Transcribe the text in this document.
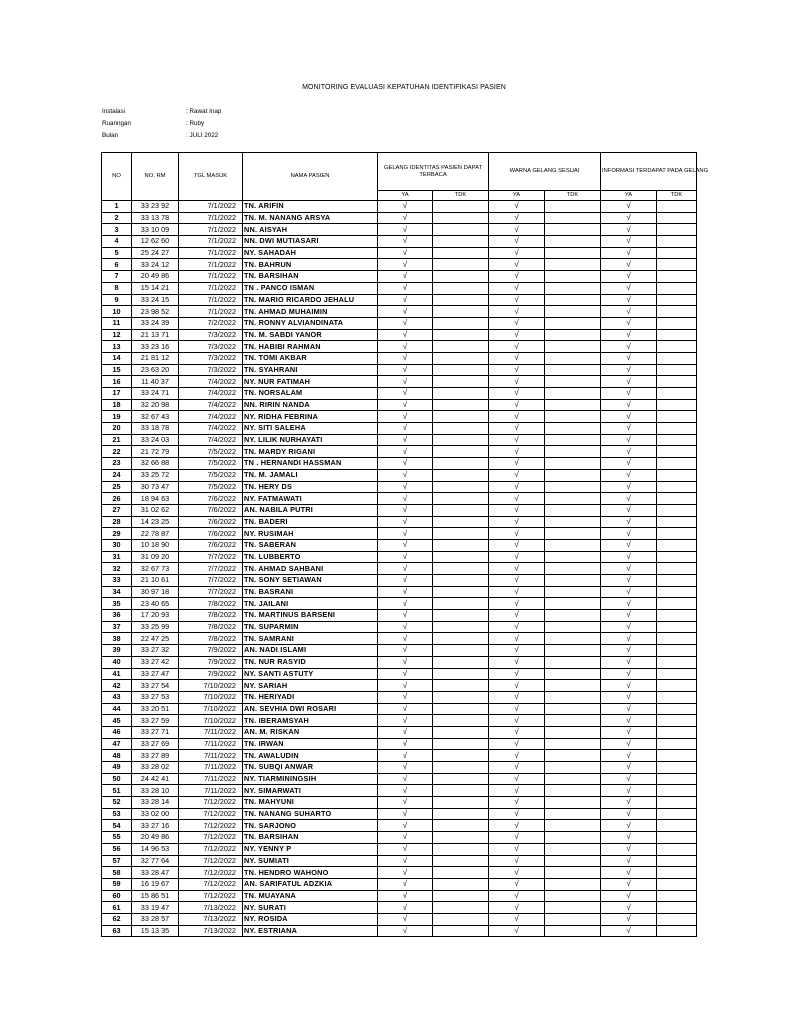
MONITORING EVALUASI KEPATUHAN IDENTIFIKASI PASIEN
Instalasi	: Rawat Inap
Ruanngan	: Ruby
Bulan	: JULI 2022
NO	NO. RM	TGL MASUK	NAMA PASIEN	GELANG IDENTITAS PASIEN DAPAT TERBACA		WARNA GELANG SESUAI		INFORMASI TERDAPAT PADA GELANG	
				YA	TDK	YA	TDK	YA	TDK
1	33 23 92	7/1/2022	TN. ARIFIN	√		√		√	
2	33 13 78	7/1/2022	TN. M. NANANG ARSYA	√		√		√	
3	33 10 09	7/1/2022	NN. AISYAH	√		√		√	
4	12 62 60	7/1/2022	NN. DWI MUTIASARI	√		√		√	
5	25 24 27	7/1/2022	NY. SAHADAH	√		√		√	
6	33 24 12	7/1/2022	TN. BAHRUN	√		√		√	
7	20 49 86	7/1/2022	TN. BARSIHAN	√		√		√	
8	15 14 21	7/1/2022	TN . PANCO ISMAN	√		√		√	
9	33 24 15	7/1/2022	TN. MARIO RICARDO JEHALU	√		√		√	
10	23 98 52	7/1/2022	TN. AHMAD MUHAIMIN	√		√		√	
11	33 24 39	7/2/2022	TN. RONNY ALVIANDINATA	√		√		√	
12	21 13 71	7/3/2022	TN. M. SABDI YANOR	√		√		√	
13	33 23 16	7/3/2022	TN. HABIBI RAHMAN	√		√		√	
14	21 81 12	7/3/2022	TN. TOMI AKBAR	√		√		√	
15	23 63 20	7/3/2022	TN. SYAHRANI	√		√		√	
16	11 40 37	7/4/2022	NY. NUR FATIMAH	√		√		√	
17	33 24 71	7/4/2022	TN. NORSALAM	√		√		√	
18	32 20 98	7/4/2022	NN. RIRIN NANDA	√		√		√	
19	32 67 43	7/4/2022	NY. RIDHA FEBRINA	√		√		√	
20	33 18 78	7/4/2022	NY. SITI SALEHA	√		√		√	
21	33 24 03	7/4/2022	NY. LILIK NURHAYATI	√		√		√	
22	21 72 79	7/5/2022	TN. MARDY RIGANI	√		√		√	
23	32 66 88	7/5/2022	TN . HERNANDI HASSMAN	√		√		√	
24	33 25 72	7/5/2022	TN. M. JAMALI	√		√		√	
25	30 73 47	7/5/2022	TN. HERY DS	√		√		√	
26	18 94 63	7/6/2022	NY. FATMAWATI	√		√		√	
27	31 02 62	7/6/2022	AN. NABILA PUTRI	√		√		√	
28	14 23 25	7/6/2022	TN. BADERI	√		√		√	
29	22 78 87	7/6/2022	NY. RUSIMAH	√		√		√	
30	10 18 90	7/6/2022	TN. SABERAN	√		√		√	
31	31 09 20	7/7/2022	TN. LUBBERTO	√		√		√	
32	32 67 73	7/7/2022	TN. AHMAD SAHBANI	√		√		√	
33	21 10 61	7/7/2022	TN. SONY SETIAWAN	√		√		√	
34	30 97 18	7/7/2022	TN. BASRANI	√		√		√	
35	23 40 65	7/8/2022	TN. JAILANI	√		√		√	
36	17 20 93	7/8/2022	TN. MARTINUS BARSENI	√		√		√	
37	33 25 99	7/8/2022	TN. SUPARMIN	√		√		√	
38	22 47 25	7/8/2022	TN. SAMRANI	√		√		√	
39	33 27 32	7/9/2022	AN. NADI ISLAMI	√		√		√	
40	33 27 42	7/9/2022	TN. NUR RASYID	√		√		√	
41	33 27 47	7/9/2022	NY. SANTI ASTUTY	√		√		√	
42	33 27 54	7/10/2022	NY. SARIAH	√		√		√	
43	33 27 53	7/10/2022	TN. HERIYADI	√		√		√	
44	33 20 51	7/10/2022	AN. SEVHIA DWI ROSARI	√		√		√	
45	33 27 59	7/10/2022	TN. IBERAMSYAH	√		√		√	
46	33 27 71	7/11/2022	AN. M. RISKAN	√		√		√	
47	33 27 69	7/11/2022	TN. IRWAN	√		√		√	
48	33 27 89	7/11/2022	TN. AWALUDIN	√		√		√	
49	33 28 02	7/11/2022	TN. SUBQI ANWAR	√		√		√	
50	24 42 41	7/11/2022	NY. TIARMININGSIH	√		√		√	
51	33 28 10	7/11/2022	NY. SIMARWATI	√		√		√	
52	33 28 14	7/12/2022	TN. MAHYUNI	√		√		√	
53	33 02 00	7/12/2022	TN. NANANG SUHARTO	√		√		√	
54	33 27 16	7/12/2022	TN. SARJONO	√		√		√	
55	20 49 86	7/12/2022	TN. BARSIHAN	√		√		√	
56	14 96 53	7/12/2022	NY. YENNY P	√		√		√	
57	32 77 64	7/12/2022	NY. SUMIATI	√		√		√	
58	33 28 47	7/12/2022	TN. HENDRO WAHONO	√		√		√	
59	16 19 67	7/12/2022	AN. SARIFATUL ADZKIA	√		√		√	
60	15 86 51	7/12/2022	TN. MUAYANA	√		√		√	
61	33 19 47	7/13/2022	NY. SURATI	√		√		√	
62	33 28 57	7/13/2022	NY. ROSIDA	√		√		√	
63	15 13 35	7/13/2022	NY. ESTRIANA	√		√		√	
